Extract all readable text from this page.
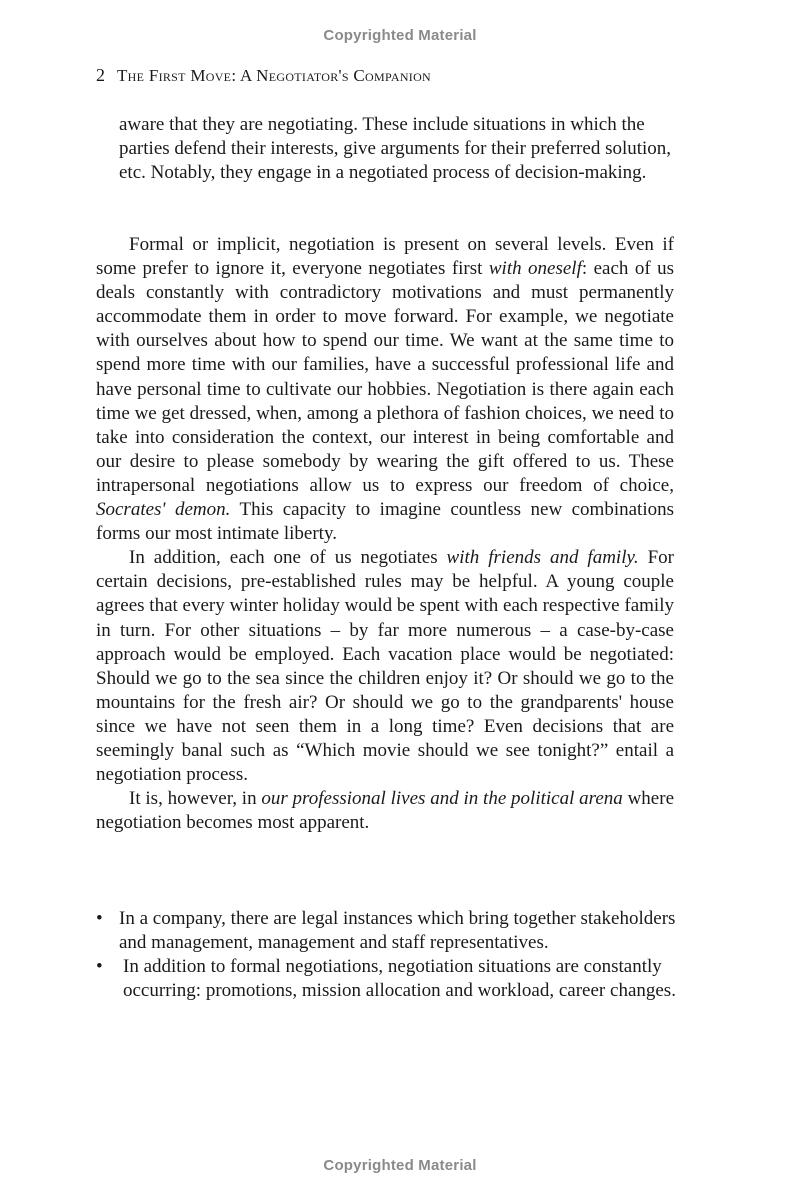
Copyrighted Material
2 The First Move: A Negotiator's Companion
aware that they are negotiating. These include situations in which the parties defend their interests, give arguments for their preferred solution, etc. Notably, they engage in a negotiated process of decision-making.

Formal or implicit, negotiation is present on several levels. Even if some prefer to ignore it, everyone negotiates first with oneself: each of us deals constantly with contradictory motivations and must permanently accommodate them in order to move forward. For example, we negotiate with ourselves about how to spend our time. We want at the same time to spend more time with our families, have a successful professional life and have personal time to cultivate our hobbies. Negotiation is there again each time we get dressed, when, among a plethora of fashion choices, we need to take into consideration the context, our interest in being comfortable and our desire to please somebody by wearing the gift offered to us. These intrapersonal negotiations allow us to express our freedom of choice, Socrates' demon. This capacity to imagine countless new combinations forms our most intimate liberty.

In addition, each one of us negotiates with friends and family. For certain decisions, pre-established rules may be helpful. A young couple agrees that every winter holiday would be spent with each respective family in turn. For other situations – by far more numerous – a case-by-case approach would be employed. Each vacation place would be negotiated: Should we go to the sea since the children enjoy it? Or should we go to the mountains for the fresh air? Or should we go to the grandparents' house since we have not seen them in a long time? Even decisions that are seemingly banal such as “Which movie should we see tonight?” entail a negotiation process.

It is, however, in our professional lives and in the political arena where negotiation becomes most apparent.

• In a company, there are legal instances which bring together stakeholders and management, management and staff representatives.
• In addition to formal negotiations, negotiation situations are constantly occurring: promotions, mission allocation and workload, career changes.
Copyrighted Material
